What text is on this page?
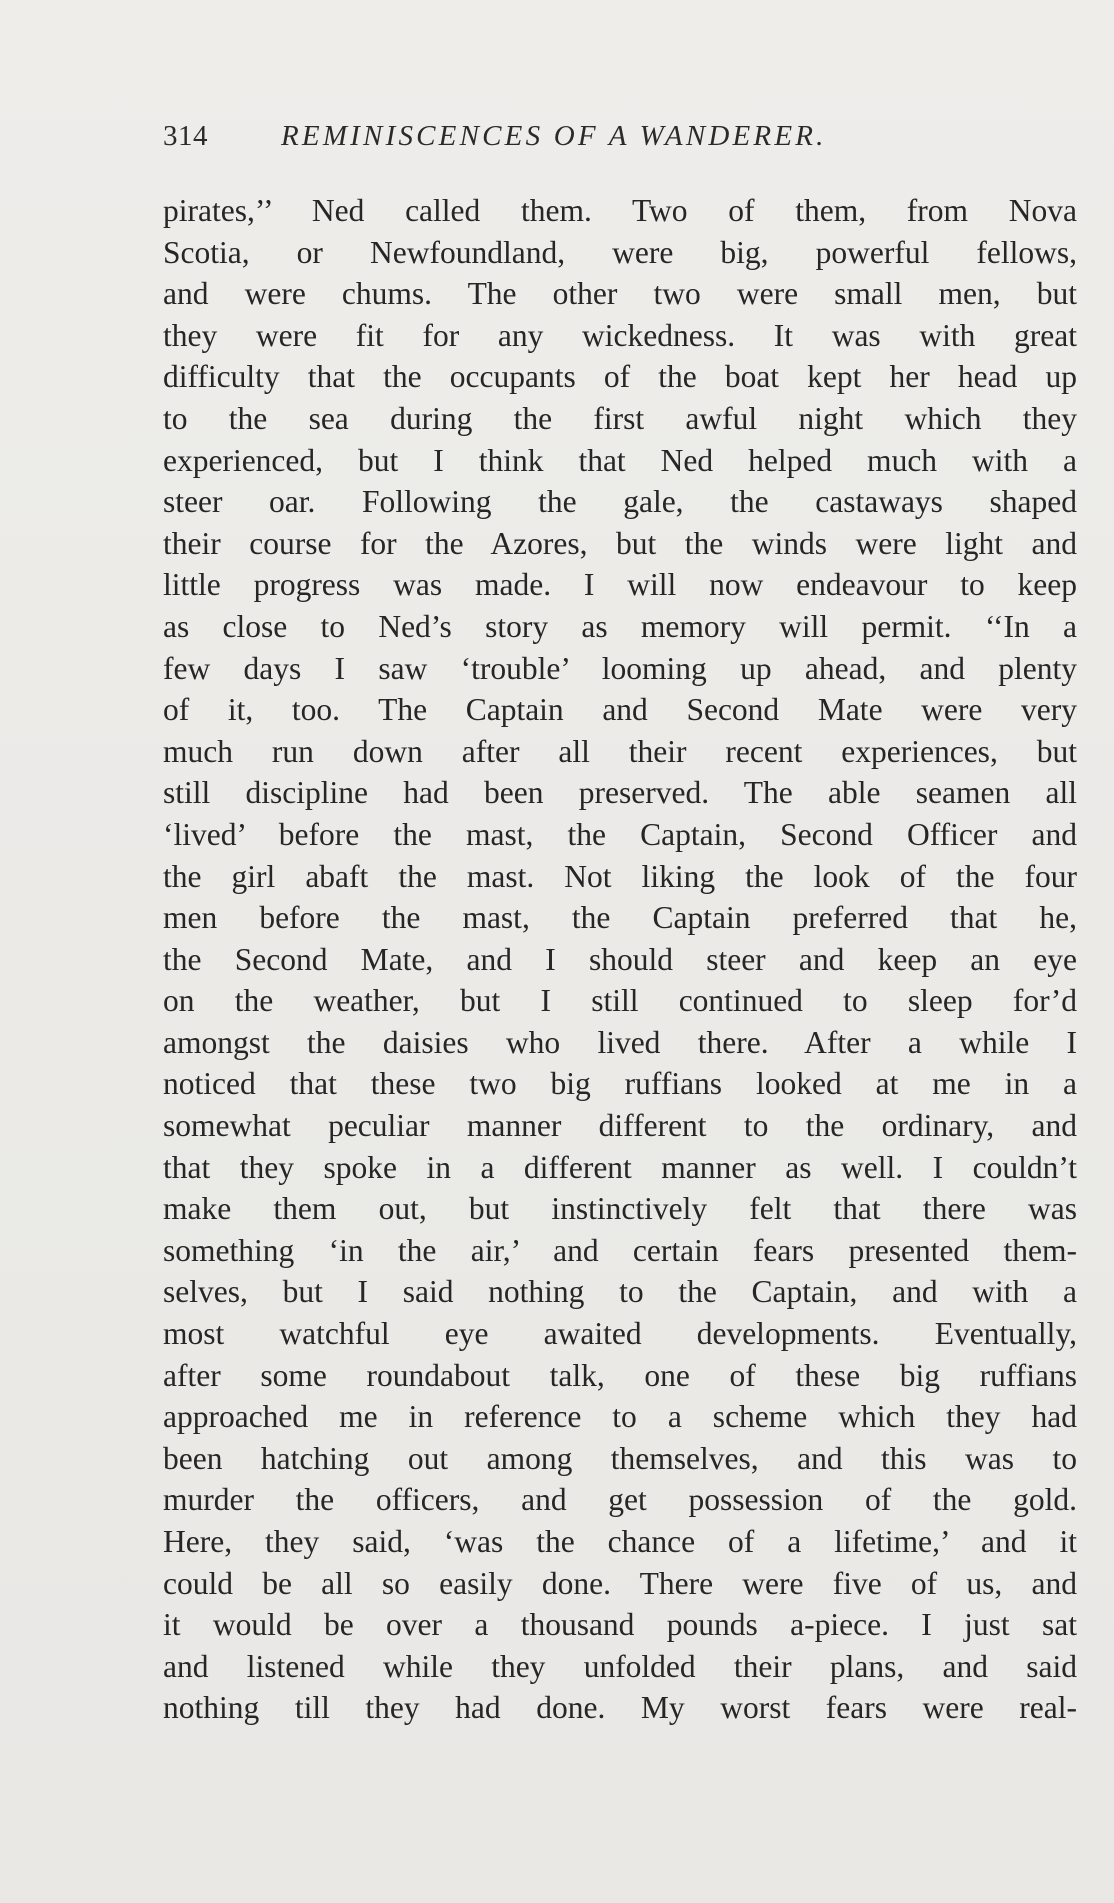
314	REMINISCENCES OF A WANDERER.
pirates,’’ Ned called them. Two of them, from Nova
Scotia, or Newfoundland, were big, powerful fellows,
and were chums. The other two were small men, but
they were fit for any wickedness. It was with great
difficulty that the occupants of the boat kept her head up
to the sea during the first awful night which they
experienced, but I think that Ned helped much with a
steer oar. Following the gale, the castaways shaped
their course for the Azores, but the winds were light and
little progress was made. I will now endeavour to keep
as close to Ned’s story as memory will permit. ‘‘In a
few days I saw ‘trouble’ looming up ahead, and plenty
of it, too. The Captain and Second Mate were very
much run down after all their recent experiences, but
still discipline had been preserved. The able seamen all
‘lived’ before the mast, the Captain, Second Officer and
the girl abaft the mast. Not liking the look of the four
men before the mast, the Captain preferred that he,
the Second Mate, and I should steer and keep an eye
on the weather, but I still continued to sleep for’d
amongst the daisies who lived there. After a while I
noticed that these two big ruffians looked at me in a
somewhat peculiar manner different to the ordinary, and
that they spoke in a different manner as well. I couldn’t
make them out, but instinctively felt that there was
something ‘in the air,’ and certain fears presented them-
selves, but I said nothing to the Captain, and with a
most watchful eye awaited developments. Eventually,
after some roundabout talk, one of these big ruffians
approached me in reference to a scheme which they had
been hatching out among themselves, and this was to
murder the officers, and get possession of the gold.
Here, they said, ‘was the chance of a lifetime,’ and it
could be all so easily done. There were five of us, and
it would be over a thousand pounds a-piece. I just sat
and listened while they unfolded their plans, and said
nothing till they had done. My worst fears were real-
